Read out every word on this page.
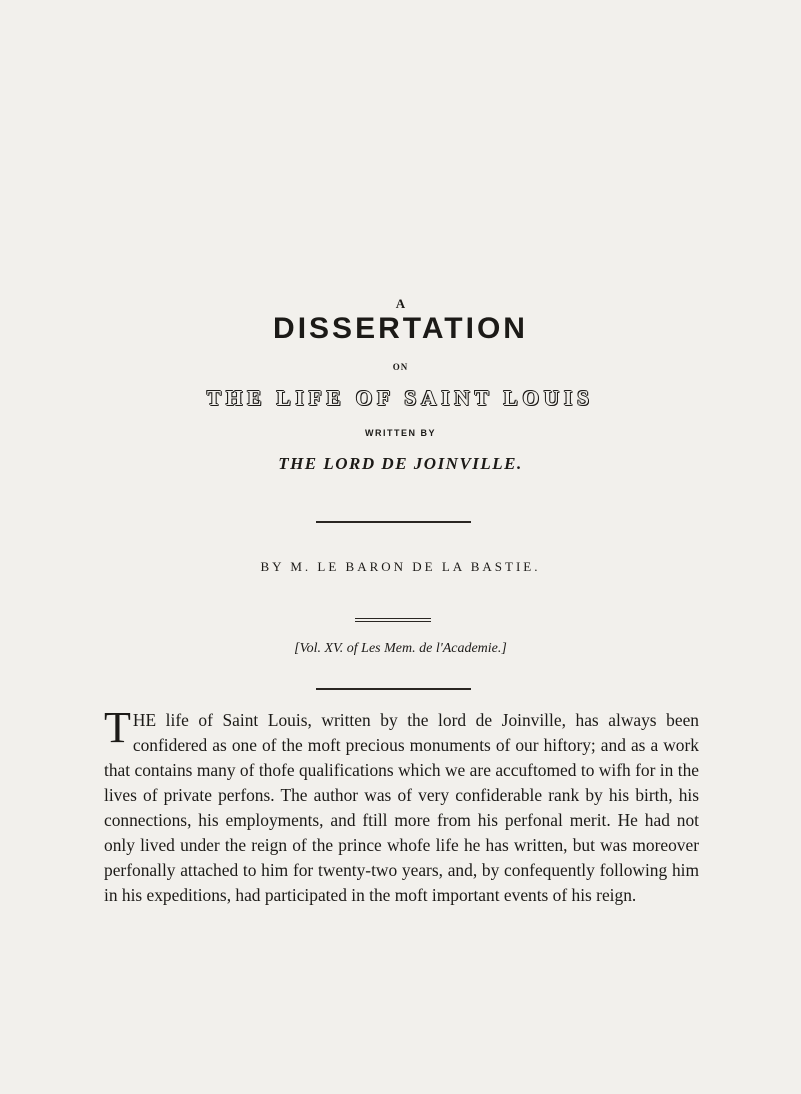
A
DISSERTATION
ON
THE LIFE OF SAINT LOUIS
WRITTEN BY
THE LORD DE JOINVILLE.
BY M. LE BARON DE LA BASTIE.
[Vol. XV. of Les Mem. de l'Academie.]
THE life of Saint Louis, written by the lord de Joinville, has always been confidered as one of the moft precious monuments of our hiftory; and as a work that contains many of thofe qualifications which we are accuftomed to wifh for in the lives of private perfons. The author was of very confiderable rank by his birth, his connections, his employments, and ftill more from his perfonal merit. He had not only lived under the reign of the prince whofe life he has written, but was moreover perfonally attached to him for twenty-two years, and, by confequently following him in his expeditions, had participated in the moft important events of his reign.
